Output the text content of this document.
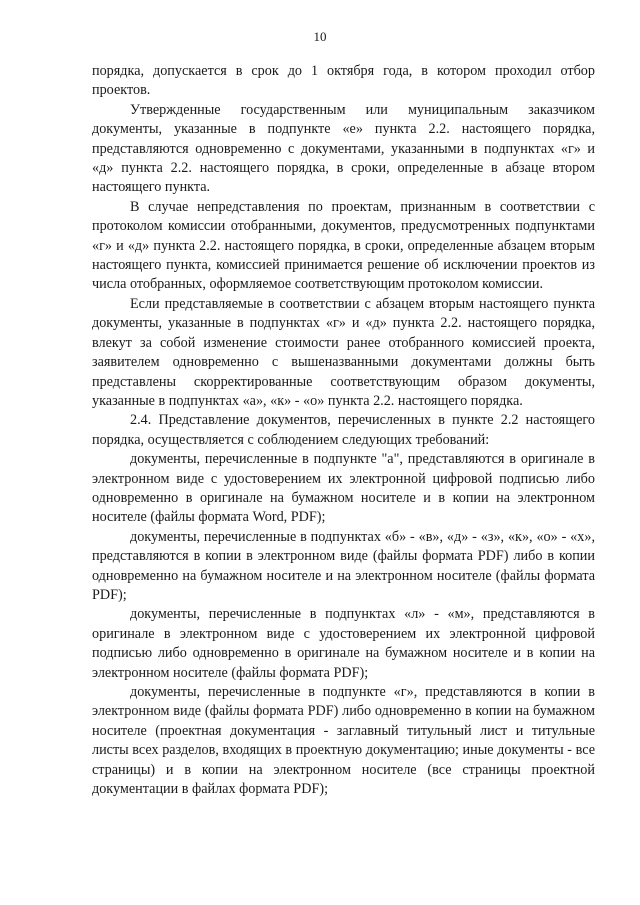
10

порядка, допускается в срок до 1 октября года, в котором проходил отбор проектов.

Утвержденные государственным или муниципальным заказчиком документы, указанные в подпункте «е» пункта 2.2. настоящего порядка, представляются одновременно с документами, указанными в подпунктах «г» и «д» пункта 2.2. настоящего порядка, в сроки, определенные в абзаце втором настоящего пункта.

В случае непредставления по проектам, признанным в соответствии с протоколом комиссии отобранными, документов, предусмотренных подпунктами «г» и «д» пункта 2.2. настоящего порядка, в сроки, определенные абзацем вторым настоящего пункта, комиссией принимается решение об исключении проектов из числа отобранных, оформляемое соответствующим протоколом комиссии.

Если представляемые в соответствии с абзацем вторым настоящего пункта документы, указанные в подпунктах «г» и «д» пункта 2.2. настоящего порядка, влекут за собой изменение стоимости ранее отобранного комиссией проекта, заявителем одновременно с вышеназванными документами должны быть представлены скорректированные соответствующим образом документы, указанные в подпунктах «а», «к» - «о» пункта 2.2. настоящего порядка.

2.4. Представление документов, перечисленных в пункте 2.2 настоящего порядка, осуществляется с соблюдением следующих требований:

документы, перечисленные в подпункте "а", представляются в оригинале в электронном виде с удостоверением их электронной цифровой подписью либо одновременно в оригинале на бумажном носителе и в копии на электронном носителе (файлы формата Word, PDF);

документы, перечисленные в подпунктах «б» - «в», «д» - «з», «к», «о» - «х», представляются в копии в электронном виде (файлы формата PDF) либо в копии одновременно на бумажном носителе и на электронном носителе (файлы формата PDF);

документы, перечисленные в подпунктах «л» - «м», представляются в оригинале в электронном виде с удостоверением их электронной цифровой подписью либо одновременно в оригинале на бумажном носителе и в копии на электронном носителе (файлы формата PDF);

документы, перечисленные в подпункте «г», представляются в копии в электронном виде (файлы формата PDF) либо одновременно в копии на бумажном носителе (проектная документация - заглавный титульный лист и титульные листы всех разделов, входящих в проектную документацию; иные документы - все страницы) и в копии на электронном носителе (все страницы проектной документации в файлах формата PDF);
